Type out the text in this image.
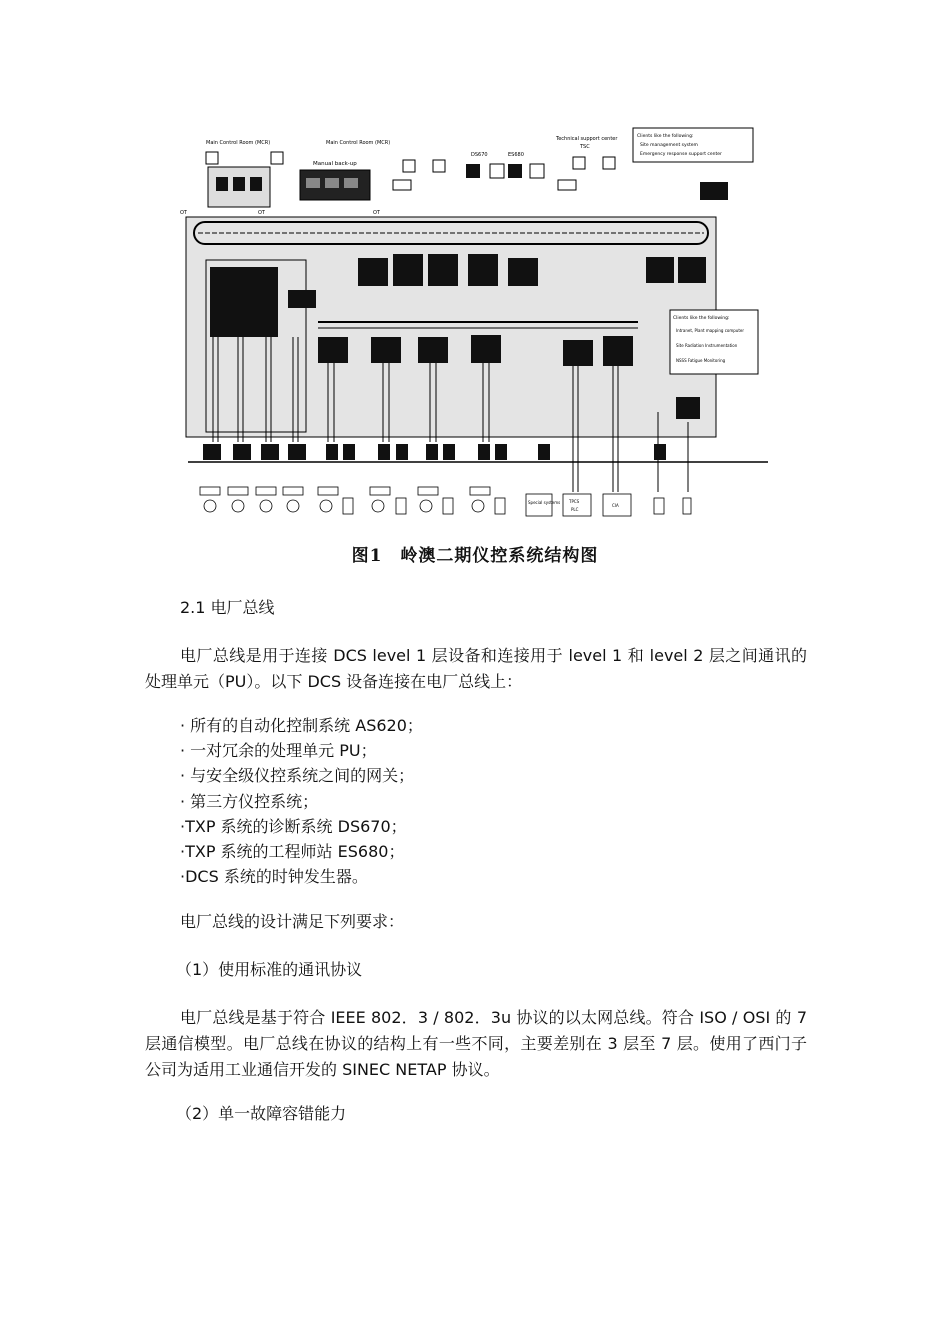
Main Control Room (MCR)	Main Control Room (MCR)
DS670	ES680
Technical support center
TSC
Clients like the following:
Site management system
Emergency response support center
Manual back-up
OT	OT	OT
Clients like the following:
Intranet, Plant mapping computer
Site Radiation Instrumentation
NSSS Fatigue Monitoring
Special systems TPCS
PLC
CIA
图1　岭澳二期仪控系统结构图
2.1 电厂总线
电厂总线是用于连接 DCS level 1 层设备和连接用于 level 1 和 level 2 层之间通讯的处理单元（PU）。以下 DCS 设备连接在电厂总线上：
· 所有的自动化控制系统 AS620；
· 一对冗余的处理单元 PU；
· 与安全级仪控系统之间的网关；
· 第三方仪控系统；
·TXP 系统的诊断系统 DS670；
·TXP 系统的工程师站 ES680；
·DCS 系统的时钟发生器。
电厂总线的设计满足下列要求：
（1）使用标准的通讯协议
电厂总线是基于符合 IEEE 802．3 / 802．3u 协议的以太网总线。符合 ISO / OSI 的 7 层通信模型。电厂总线在协议的结构上有一些不同，主要差别在 3 层至 7 层。使用了西门子公司为适用工业通信开发的 SINEC NETAP 协议。
（2）单一故障容错能力
